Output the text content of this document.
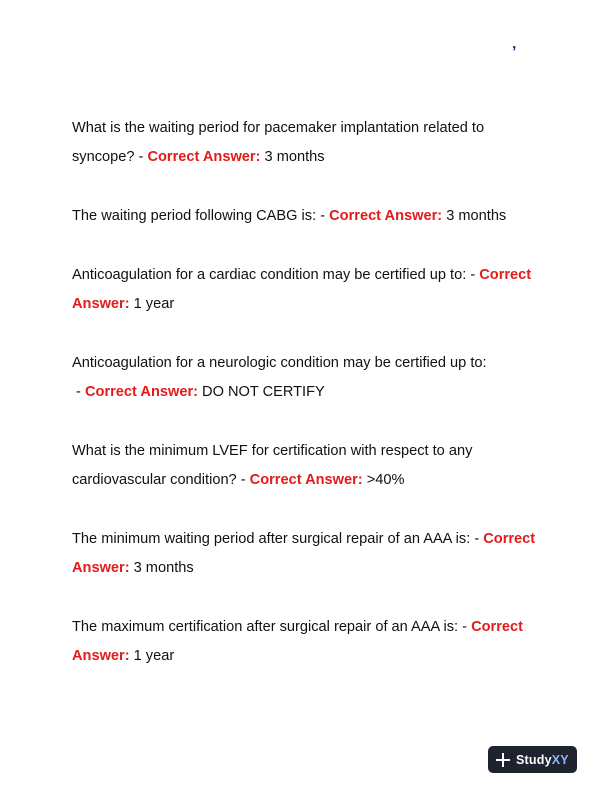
’

What is the waiting period for pacemaker implantation related to syncope? - Correct Answer: 3 months

The waiting period following CABG is: - Correct Answer: 3 months

Anticoagulation for a cardiac condition may be certified up to: - Correct Answer: 1 year

Anticoagulation for a neurologic condition may be certified up to: - Correct Answer: DO NOT CERTIFY

What is the minimum LVEF for certification with respect to any cardiovascular condition? - Correct Answer: >40%

The minimum waiting period after surgical repair of an AAA is: - Correct Answer: 3 months

The maximum certification after surgical repair of an AAA is: - Correct Answer: 1 year

StudyXY
